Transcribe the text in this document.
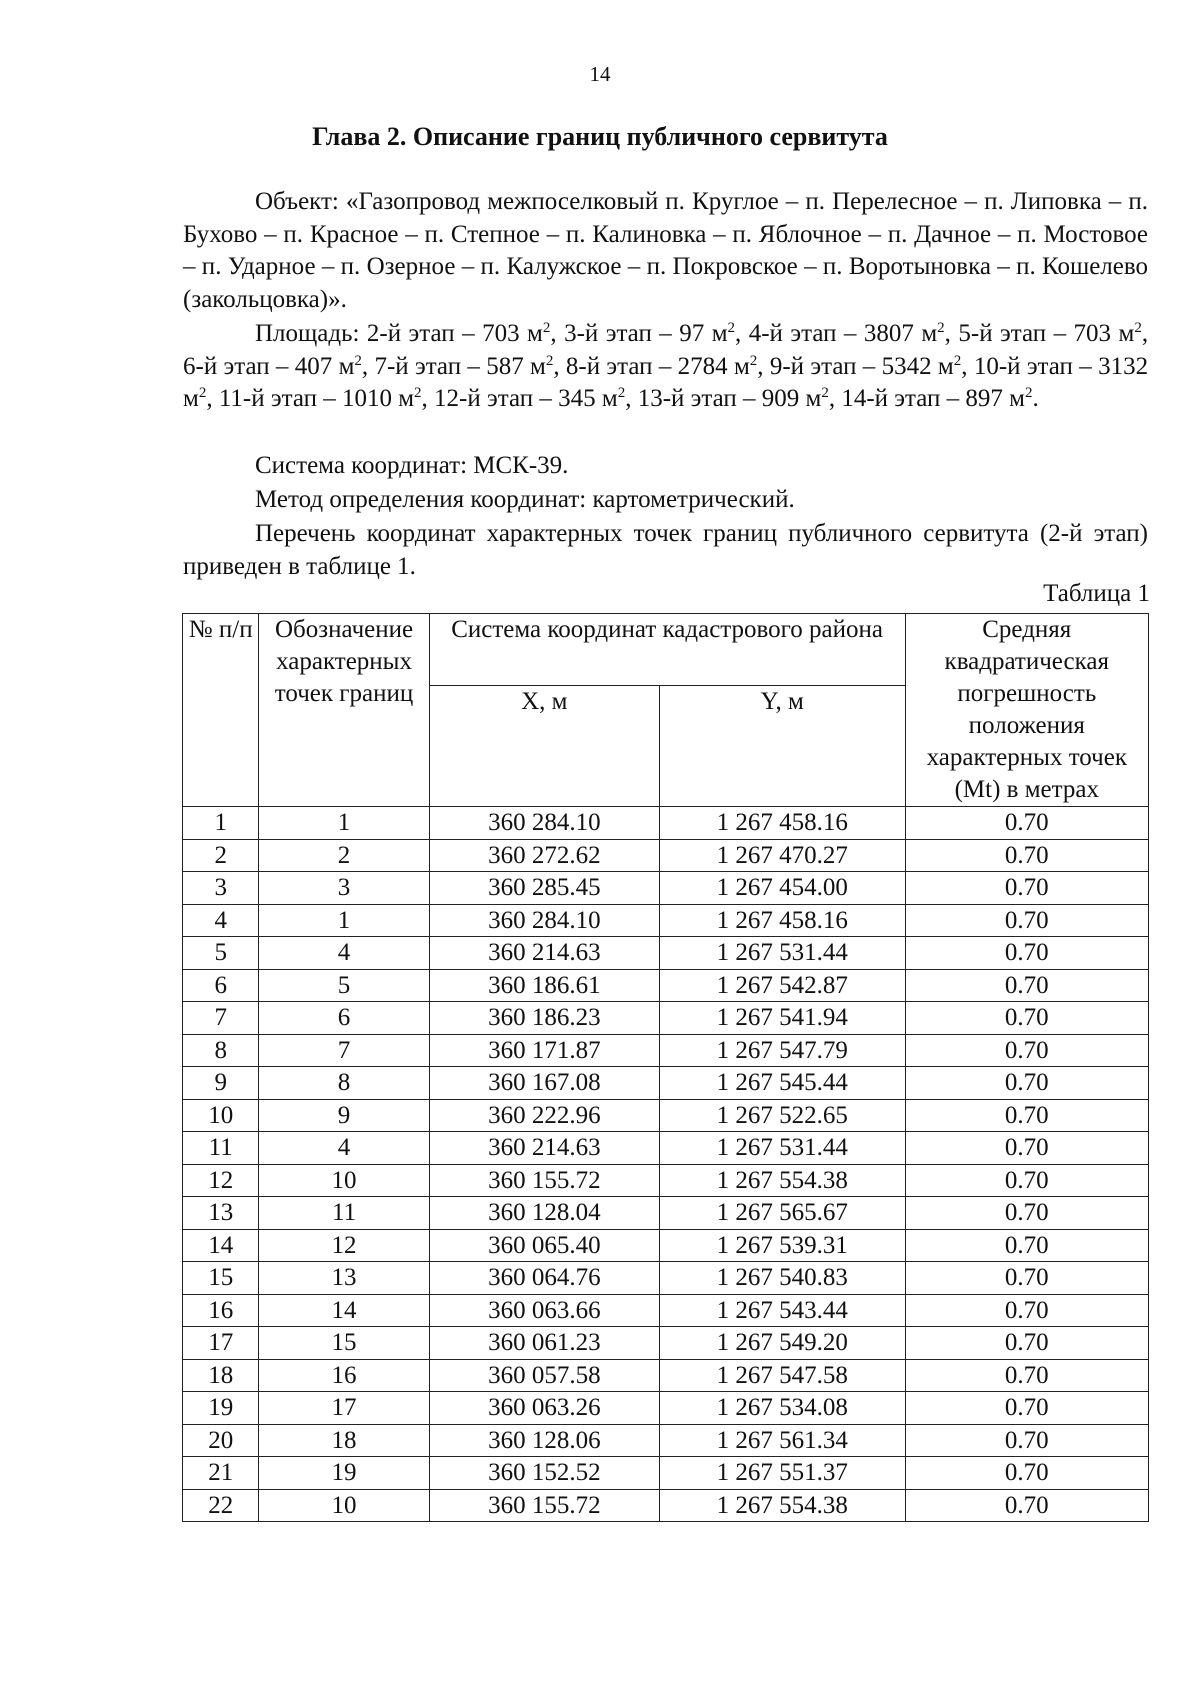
14
Глава 2. Описание границ публичного сервитута

Объект: «Газопровод межпоселковый п. Круглое – п. Перелесное – п. Липовка – п. Бухово – п. Красное – п. Степное – п. Калиновка – п. Яблочное – п. Дачное – п. Мостовое – п. Ударное – п. Озерное – п. Калужское – п. Покровское – п. Воротыновка – п. Кошелево (закольцовка)».

Площадь: 2-й этап – 703 $м^2$, 3-й этап – 97 $м^2$, 4-й этап – 3807 $м^2$, 5-й этап – 703 $м^2$, 6-й этап – 407 $м^2$, 7-й этап – 587 $м^2$, 8-й этап – 2784 $м^2$, 9-й этап – 5342 $м^2$, 10-й этап – 3132 $м^2$, 11-й этап – 1010 $м^2$, 12-й этап – 345 $м^2$, 13-й этап – 909 $м^2$, 14-й этап – 897 $м^2$.

Система координат: МСК-39.

Метод определения координат: картометрический.

Перечень координат характерных точек границ публичного сервитута (2-й этап) приведен в таблице 1.

Таблица 1
№ п/п	Обозначение характерных точек границ	Система координат кадастрового района		Средняя квадратическая погрешность положения характерных точек (Mt) в метрах
		X, м	Y, м	
1	1	360 284.10	1 267 458.16	0.70
2	2	360 272.62	1 267 470.27	0.70
3	3	360 285.45	1 267 454.00	0.70
4	1	360 284.10	1 267 458.16	0.70
5	4	360 214.63	1 267 531.44	0.70
6	5	360 186.61	1 267 542.87	0.70
7	6	360 186.23	1 267 541.94	0.70
8	7	360 171.87	1 267 547.79	0.70
9	8	360 167.08	1 267 545.44	0.70
10	9	360 222.96	1 267 522.65	0.70
11	4	360 214.63	1 267 531.44	0.70
12	10	360 155.72	1 267 554.38	0.70
13	11	360 128.04	1 267 565.67	0.70
14	12	360 065.40	1 267 539.31	0.70
15	13	360 064.76	1 267 540.83	0.70
16	14	360 063.66	1 267 543.44	0.70
17	15	360 061.23	1 267 549.20	0.70
18	16	360 057.58	1 267 547.58	0.70
19	17	360 063.26	1 267 534.08	0.70
20	18	360 128.06	1 267 561.34	0.70
21	19	360 152.52	1 267 551.37	0.70
22	10	360 155.72	1 267 554.38	0.70
